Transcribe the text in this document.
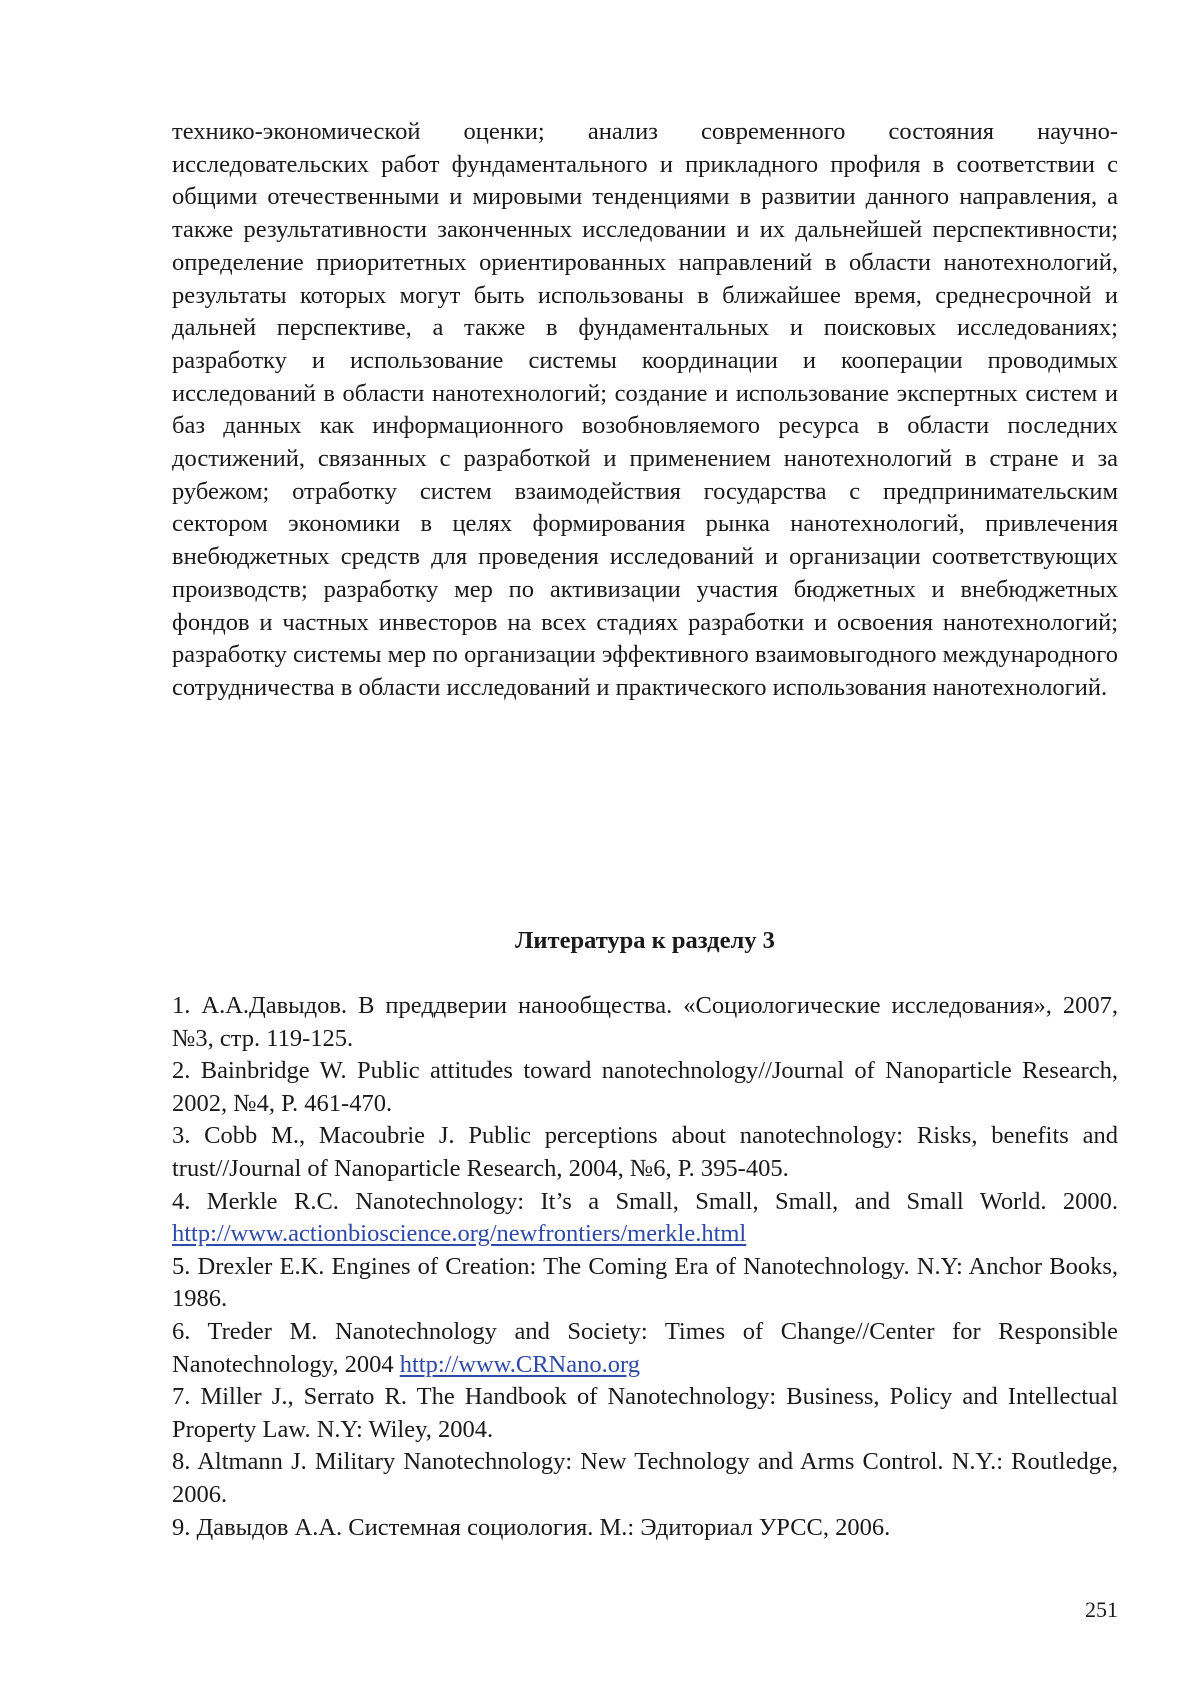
технико-экономической оценки; анализ современного состояния научно-исследовательских работ фундаментального и прикладного профиля в соответствии с общими отечественными и мировыми тенденциями в развитии данного направления, а также результативности законченных исследовании и их дальнейшей перспективности; определение приоритетных ориентированных направлений в области нанотехнологий, результаты которых могут быть использованы в ближайшее время, среднесрочной и дальней перспективе, а также в фундаментальных и поисковых исследованиях; разработку и использование системы координации и кооперации проводимых исследований в области нанотехнологий; создание и использование экспертных систем и баз данных как информационного возобновляемого ресурса в области последних достижений, связанных с разработкой и применением нанотехнологий в стране и за рубежом; отработку систем взаимодействия государства с предпринимательским сектором экономики в целях формирования рынка нанотехнологий, привлечения внебюджетных средств для проведения исследований и организации соответствующих производств; разработку мер по активизации участия бюджетных и внебюджетных фондов и частных инвесторов на всех стадиях разработки и освоения нанотехнологий; разработку системы мер по организации эффективного взаимовыгодного международного сотрудничества в области исследований и практического использования нанотехнологий.

Литература к разделу 3
1. А.А.Давыдов. В преддверии нанообщества. «Социологические исследования», 2007, №3, стр. 119-125.
2. Bainbridge W. Public attitudes toward nanotechnology//Journal of Nanoparticle Research, 2002, №4, P. 461-470.
3. Cobb M., Macoubrie J. Public perceptions about nanotechnology: Risks, benefits and trust//Journal of Nanoparticle Research, 2004, №6, P. 395-405.
4. Merkle R.C. Nanotechnology: It’s a Small, Small, Small, and Small World. 2000. http://www.actionbioscience.org/newfrontiers/merkle.html
5. Drexler E.K. Engines of Creation: The Coming Era of Nanotechnology. N.Y: Anchor Books, 1986.
6. Treder M. Nanotechnology and Society: Times of Change//Center for Responsible Nanotechnology, 2004 http://www.CRNano.org
7. Miller J., Serrato R. The Handbook of Nanotechnology: Business, Policy and Intellectual Property Law. N.Y: Wiley, 2004.
8. Altmann J. Military Nanotechnology: New Technology and Arms Control. N.Y.: Routledge, 2006.
9. Давыдов А.А. Системная социология. М.: Эдиториал УРСС, 2006.
251
